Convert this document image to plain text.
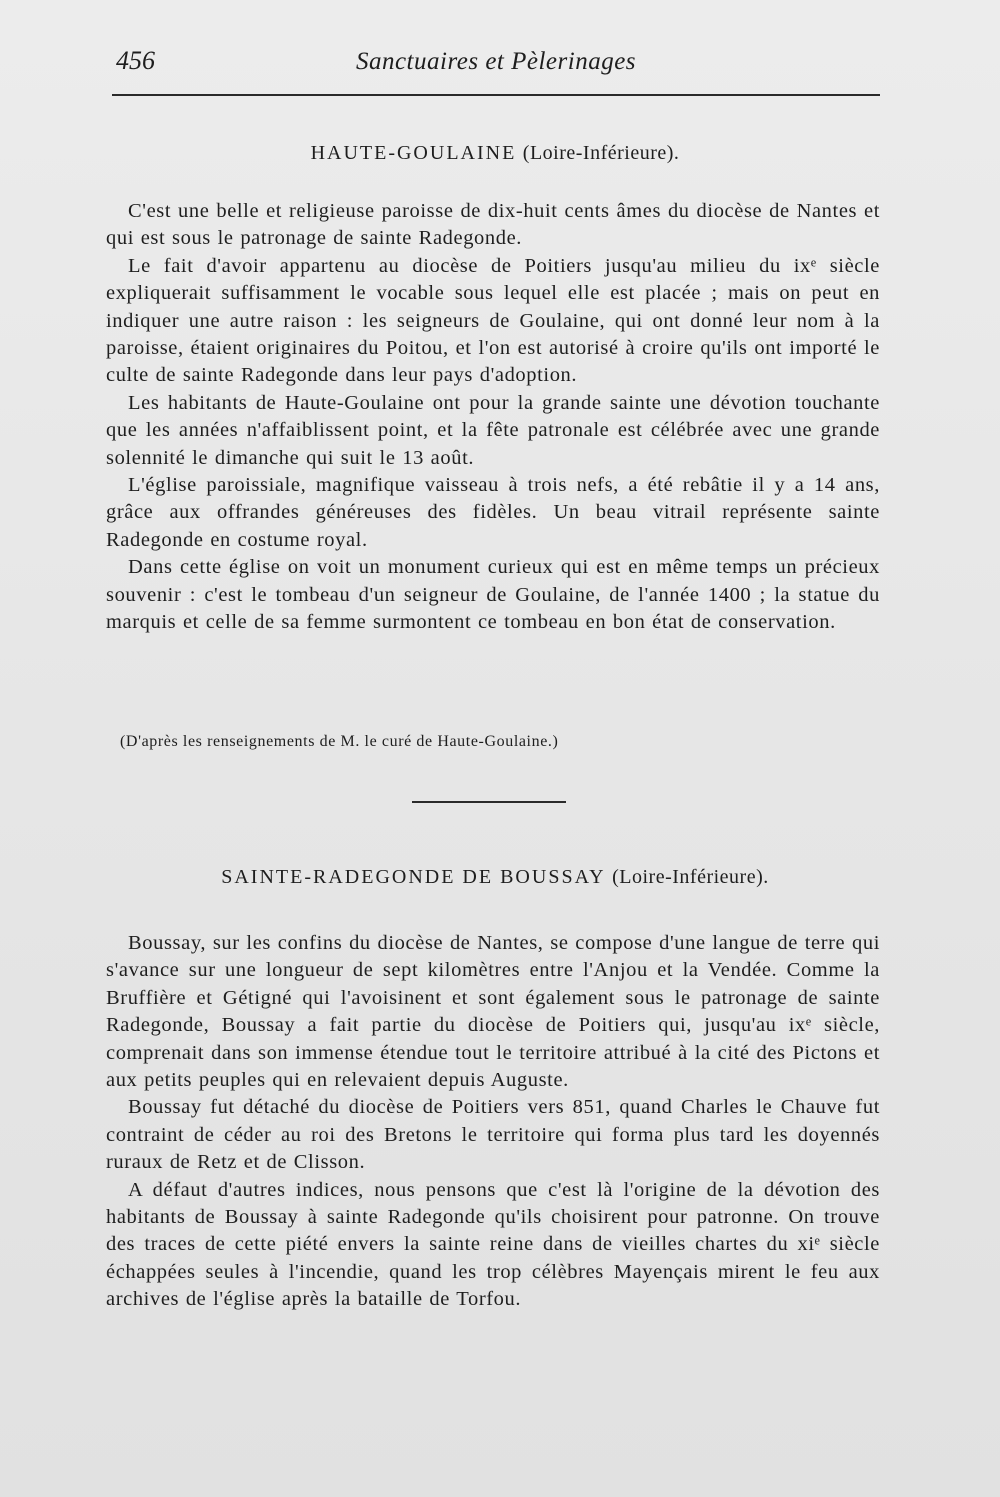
456	Sanctuaires et Pèlerinages
HAUTE-GOULAINE (Loire-Inférieure).

C'est une belle et religieuse paroisse de dix-huit cents âmes du diocèse de Nantes et qui est sous le patronage de sainte Radegonde.

Le fait d'avoir appartenu au diocèse de Poitiers jusqu'au milieu du ixᵉ siècle expliquerait suffisamment le vocable sous lequel elle est placée ; mais on peut en indiquer une autre raison : les seigneurs de Goulaine, qui ont donné leur nom à la paroisse, étaient originaires du Poitou, et l'on est autorisé à croire qu'ils ont importé le culte de sainte Radegonde dans leur pays d'adoption.

Les habitants de Haute-Goulaine ont pour la grande sainte une dévotion touchante que les années n'affaiblissent point, et la fête patronale est célébrée avec une grande solennité le dimanche qui suit le 13 août.

L'église paroissiale, magnifique vaisseau à trois nefs, a été rebâtie il y a 14 ans, grâce aux offrandes généreuses des fidèles. Un beau vitrail représente sainte Radegonde en costume royal.

Dans cette église on voit un monument curieux qui est en même temps un précieux souvenir : c'est le tombeau d'un seigneur de Goulaine, de l'année 1400 ; la statue du marquis et celle de sa femme surmontent ce tombeau en bon état de conservation.

(D'après les renseignements de M. le curé de Haute-Goulaine.)
SAINTE-RADEGONDE DE BOUSSAY (Loire-Inférieure).

Boussay, sur les confins du diocèse de Nantes, se compose d'une langue de terre qui s'avance sur une longueur de sept kilomètres entre l'Anjou et la Vendée. Comme la Bruffière et Gétigné qui l'avoisinent et sont également sous le patronage de sainte Radegonde, Boussay a fait partie du diocèse de Poitiers qui, jusqu'au ixᵉ siècle, comprenait dans son immense étendue tout le territoire attribué à la cité des Pictons et aux petits peuples qui en relevaient depuis Auguste.

Boussay fut détaché du diocèse de Poitiers vers 851, quand Charles le Chauve fut contraint de céder au roi des Bretons le territoire qui forma plus tard les doyennés ruraux de Retz et de Clisson.

A défaut d'autres indices, nous pensons que c'est là l'origine de la dévotion des habitants de Boussay à sainte Radegonde qu'ils choisirent pour patronne. On trouve des traces de cette piété envers la sainte reine dans de vieilles chartes du xiᵉ siècle échappées seules à l'incendie, quand les trop célèbres Mayençais mirent le feu aux archives de l'église après la bataille de Torfou.
